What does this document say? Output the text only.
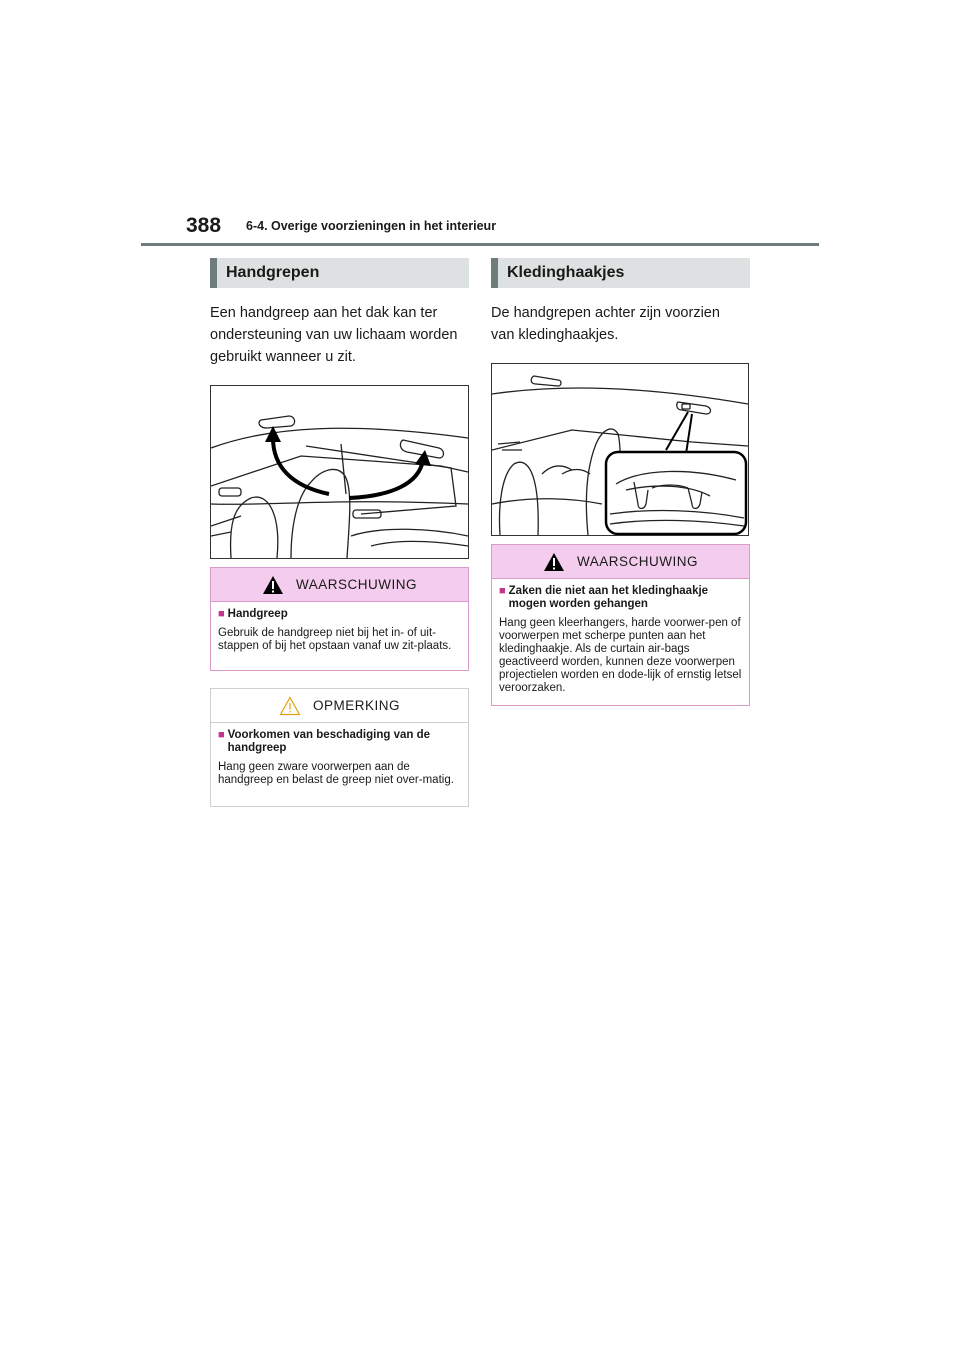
388 6-4. Overige voorzieningen in het interieur
Handgrepen

Een handgreep aan het dak kan ter ondersteuning van uw lichaam worden gebruikt wanneer u zit.

WAARSCHUWING
■ Handgreep
Gebruik de handgreep niet bij het in- of uit-stappen of bij het opstaan vanaf uw zit-plaats.
OPMERKING
■ Voorkomen van beschadiging van de handgreep
Hang geen zware voorwerpen aan de handgreep en belast de greep niet over-matig.
Kledinghaakjes

De handgrepen achter zijn voorzien van kledinghaakjes.

WAARSCHUWING
■ Zaken die niet aan het kledinghaakje mogen worden gehangen
Hang geen kleerhangers, harde voorwer-pen of voorwerpen met scherpe punten aan het kledinghaakje. Als de curtain air-bags geactiveerd worden, kunnen deze voorwerpen projectielen worden en dode-lijk of ernstig letsel veroorzaken.
